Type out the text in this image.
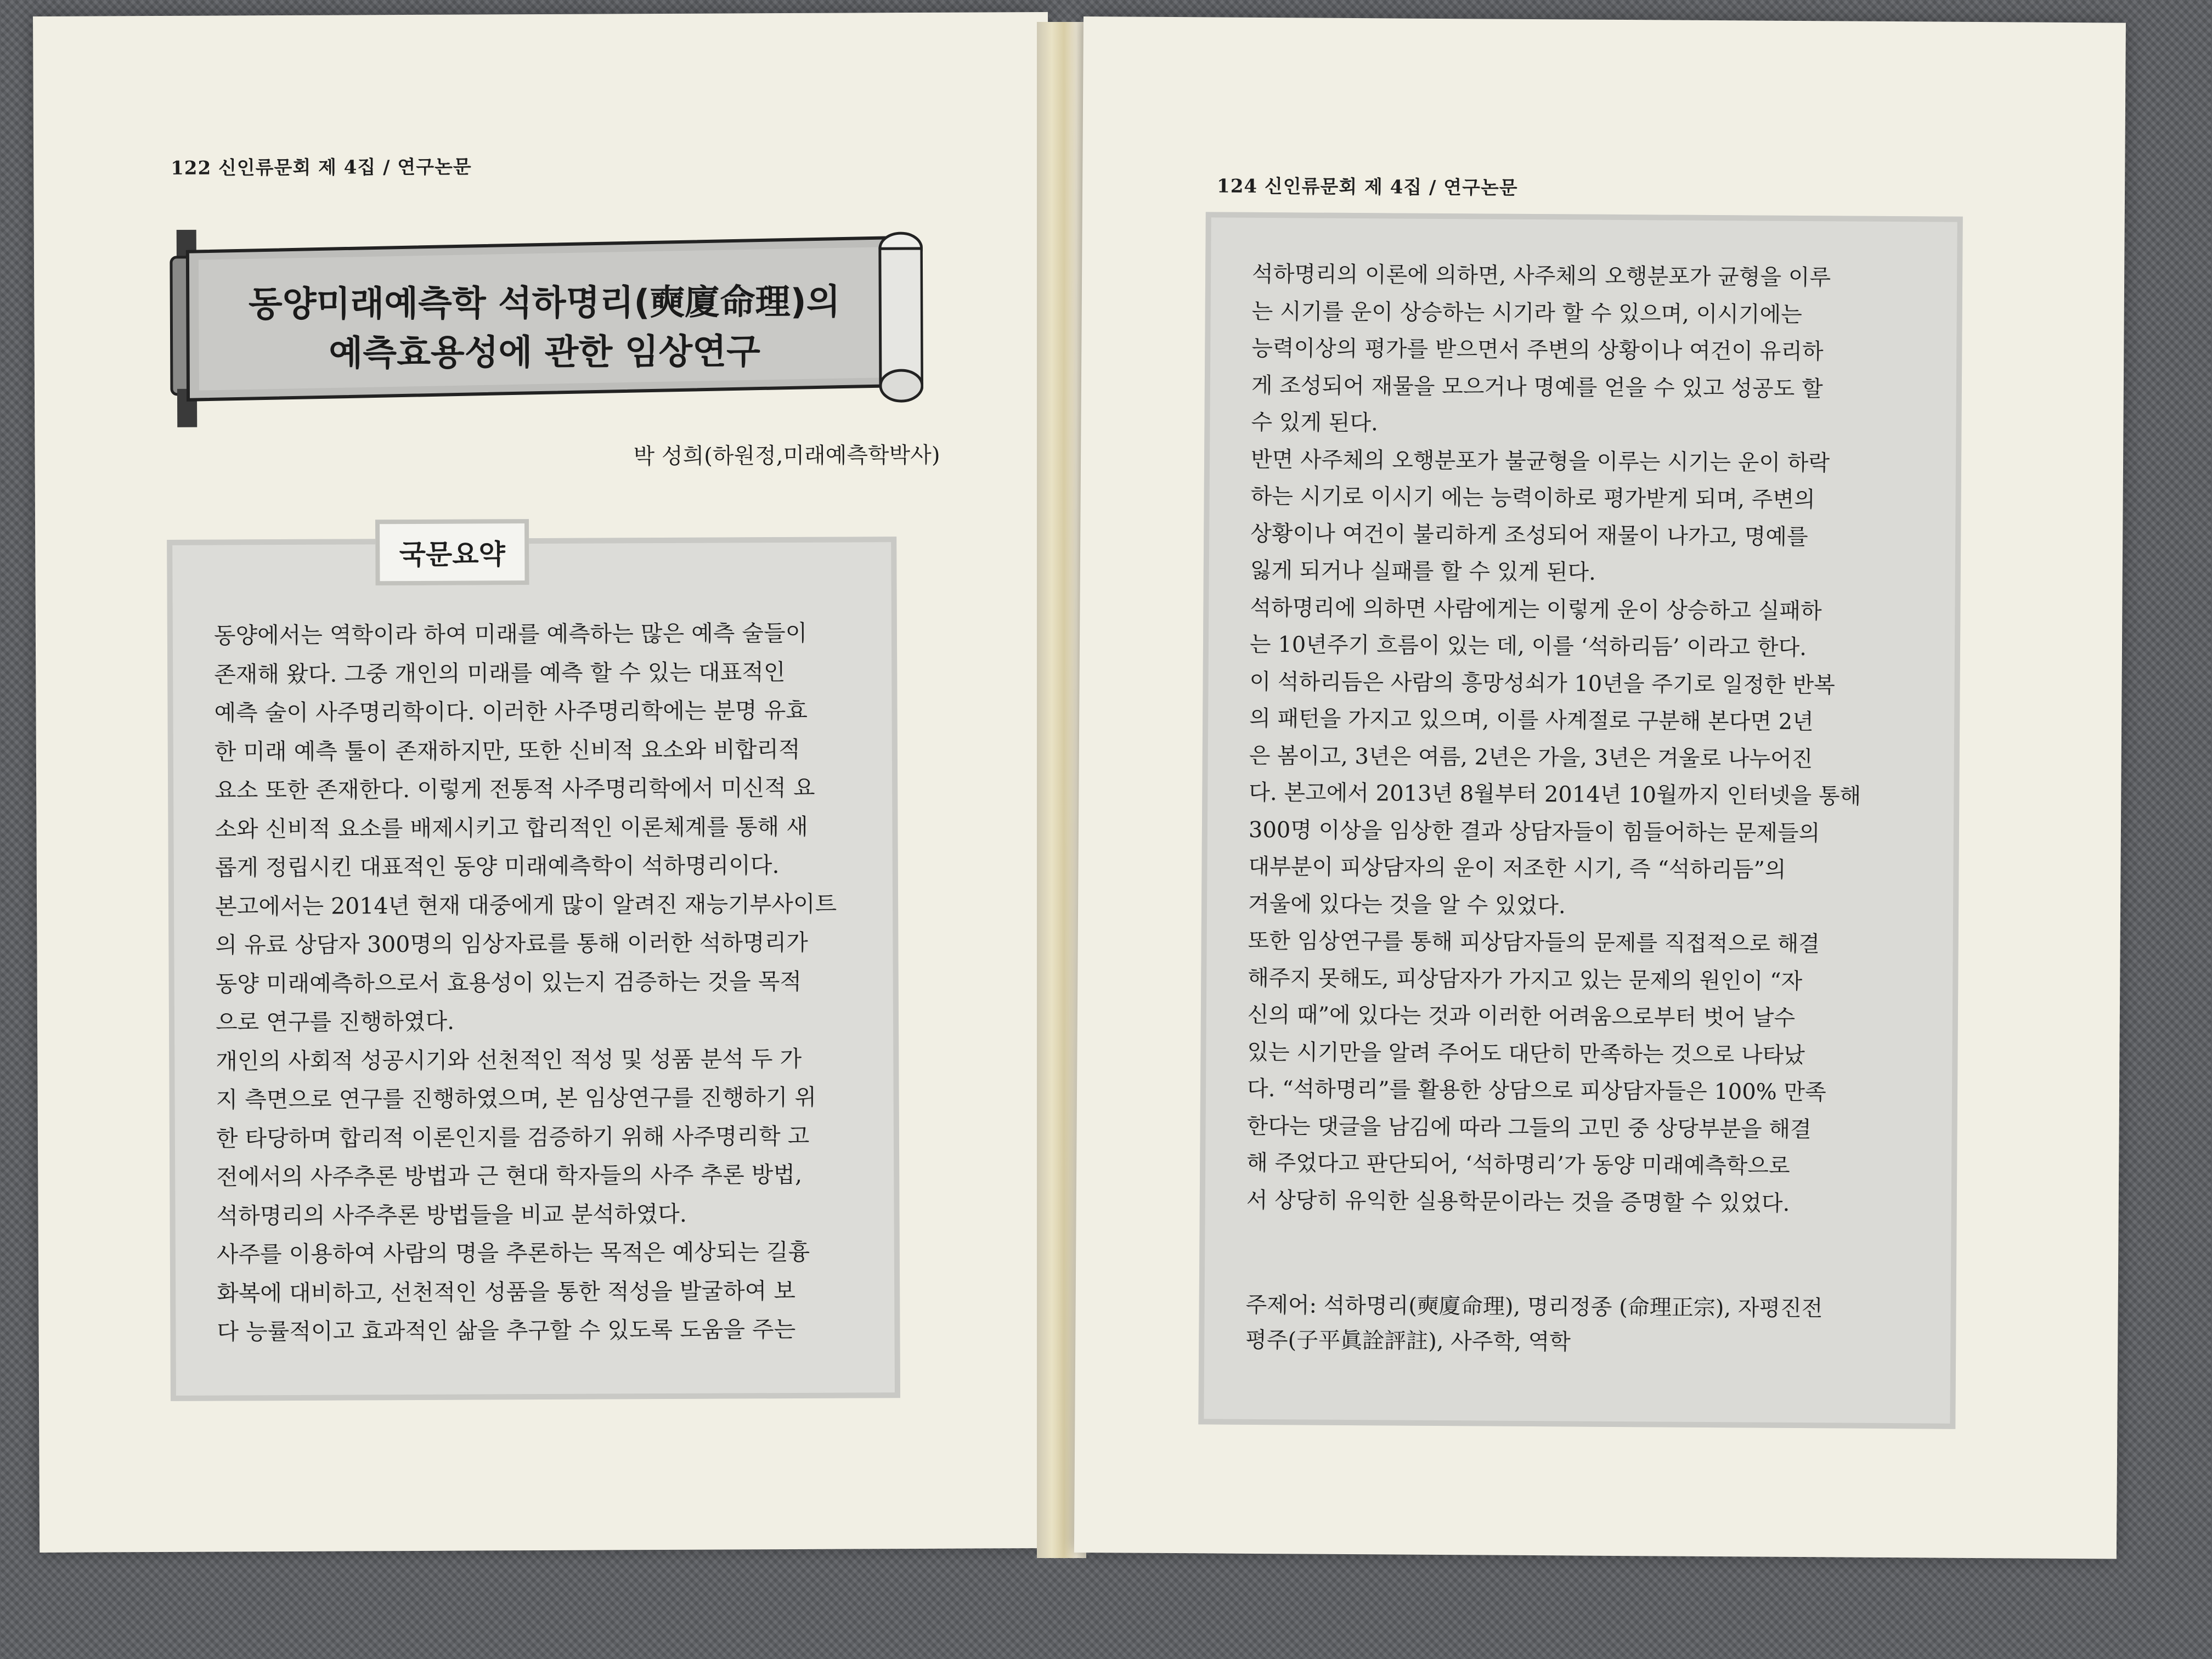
122 신인류문회 제 4집 / 연구논문
동양미래예측학 석하명리(奭廈命理)의
예측효용성에 관한 임상연구
박 성희(하원정,미래예측학박사)
동양에서는 역학이라 하여 미래를 예측하는 많은 예측 술들이
존재해 왔다. 그중 개인의 미래를 예측 할 수 있는 대표적인
예측 술이 사주명리학이다. 이러한 사주명리학에는 분명 유효
한 미래 예측 툴이 존재하지만, 또한 신비적 요소와 비합리적
요소 또한 존재한다. 이렇게 전통적 사주명리학에서 미신적 요
소와 신비적 요소를 배제시키고 합리적인 이론체계를 통해 새
롭게 정립시킨 대표적인 동양 미래예측학이 석하명리이다.
본고에서는 2014년 현재 대중에게 많이 알려진 재능기부사이트
의 유료 상담자 300명의 임상자료를 통해 이러한 석하명리가
동양 미래예측하으로서 효용성이 있는지 검증하는 것을 목적
으로 연구를 진행하였다.
개인의 사회적 성공시기와 선천적인 적성 및 성품 분석 두 가
지 측면으로 연구를 진행하였으며, 본 임상연구를 진행하기 위
한 타당하며 합리적 이론인지를 검증하기 위해 사주명리학 고
전에서의 사주추론 방법과 근 현대 학자들의 사주 추론 방법,
석하명리의 사주추론 방법들을 비교 분석하였다.
사주를 이용하여 사람의 명을 추론하는 목적은 예상되는 길흉
화복에 대비하고, 선천적인 성품을 통한 적성을 발굴하여 보
다 능률적이고 효과적인 삶을 추구할 수 있도록 도움을 주는
국문요약
124 신인류문회 제 4집 / 연구논문
석하명리의 이론에 의하면, 사주체의 오행분포가 균형을 이루
는 시기를 운이 상승하는 시기라 할 수 있으며, 이시기에는
능력이상의 평가를 받으면서 주변의 상황이나 여건이 유리하
게 조성되어 재물을 모으거나 명예를 얻을 수 있고 성공도 할
수 있게 된다.
반면 사주체의 오행분포가 불균형을 이루는 시기는 운이 하락
하는 시기로 이시기 에는 능력이하로 평가받게 되며, 주변의
상황이나 여건이 불리하게 조성되어 재물이 나가고, 명예를
잃게 되거나 실패를 할 수 있게 된다.
석하명리에 의하면 사람에게는 이렇게 운이 상승하고 실패하
는 10년주기 흐름이 있는 데, 이를 ‘석하리듬’ 이라고 한다.
이 석하리듬은 사람의 흥망성쇠가 10년을 주기로 일정한 반복
의 패턴을 가지고 있으며, 이를 사계절로 구분해 본다면 2년
은 봄이고, 3년은 여름, 2년은 가을, 3년은 겨울로 나누어진
다. 본고에서 2013년 8월부터 2014년 10월까지 인터넷을 통해
300명 이상을 임상한 결과 상담자들이 힘들어하는 문제들의
대부분이 피상담자의 운이 저조한 시기, 즉 “석하리듬”의
겨울에 있다는 것을 알 수 있었다.
또한 임상연구를 통해 피상담자들의 문제를 직접적으로 해결
해주지 못해도, 피상담자가 가지고 있는 문제의 원인이 “자
신의 때”에 있다는 것과 이러한 어려움으로부터 벗어 날수
있는 시기만을 알려 주어도 대단히 만족하는 것으로 나타났
다. “석하명리”를 활용한 상담으로 피상담자들은 100% 만족
한다는 댓글을 남김에 따라 그들의 고민 중 상당부분을 해결
해 주었다고 판단되어, ‘석하명리’가 동양 미래예측학으로
서 상당히 유익한 실용학문이라는 것을 증명할 수 있었다.
주제어: 석하명리(奭廈命理), 명리정종 (命理正宗), 자평진전
평주(子平眞詮評註), 사주학, 역학
